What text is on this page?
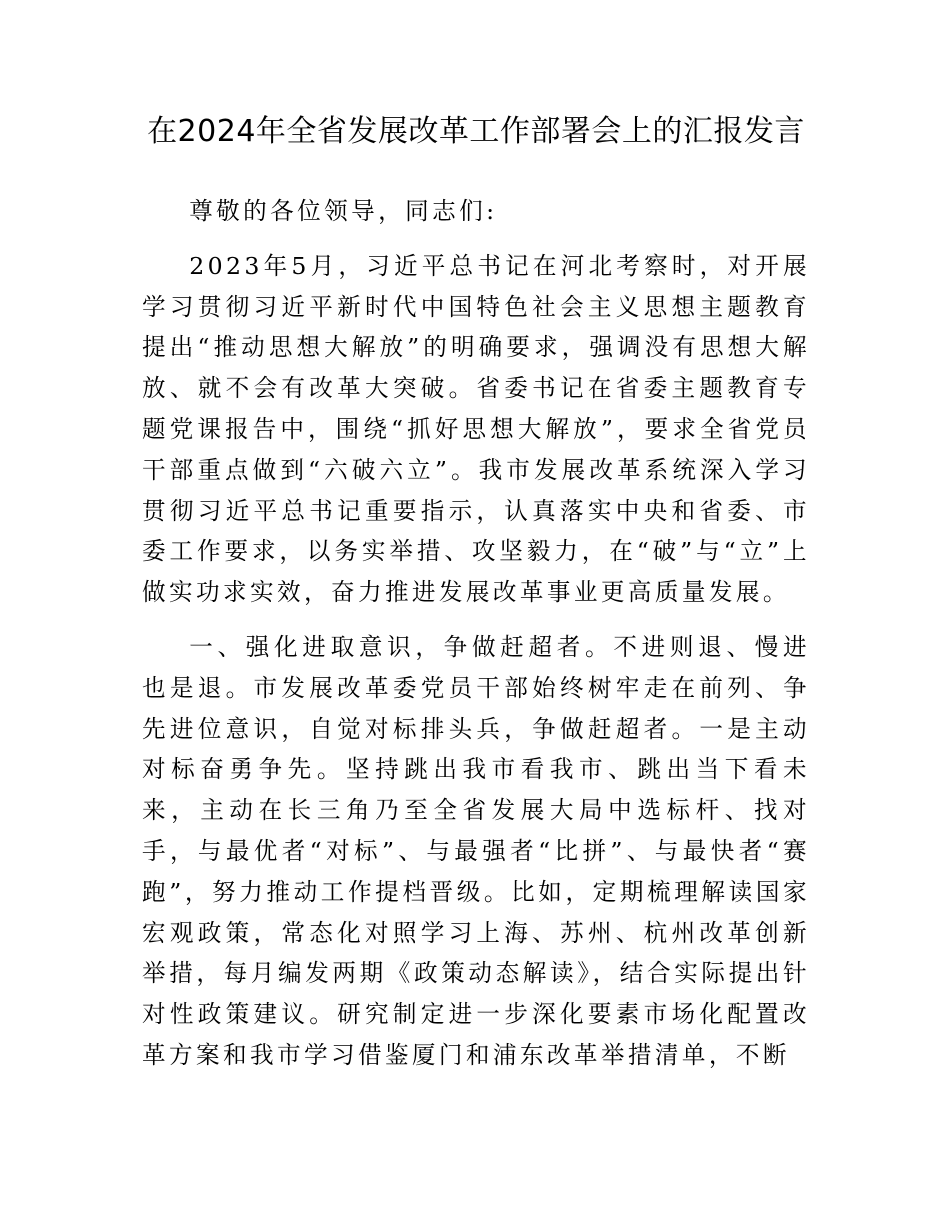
在2024年全省发展改革工作部署会上的汇报发言

尊敬的各位领导，同志们:

2023年5月，习近平总书记在河北考察时，对开展学习贯彻习近平新时代中国特色社会主义思想主题教育提出“推动思想大解放”的明确要求，强调没有思想大解放、就不会有改革大突破。省委书记在省委主题教育专题党课报告中，围绕“抓好思想大解放”，要求全省党员干部重点做到“六破六立”。我市发展改革系统深入学习贯彻习近平总书记重要指示，认真落实中央和省委、市委工作要求，以务实举措、攻坚毅力，在“破”与“立”上做实功求实效，奋力推进发展改革事业更高质量发展。

一、强化进取意识，争做赶超者。不进则退、慢进也是退。市发展改革委党员干部始终树牢走在前列、争先进位意识，自觉对标排头兵，争做赶超者。一是主动对标奋勇争先。坚持跳出我市看我市、跳出当下看未来，主动在长三角乃至全省发展大局中选标杆、找对手，与最优者“对标”、与最强者“比拼”、与最快者“赛跑”，努力推动工作提档晋级。比如，定期梳理解读国家宏观政策，常态化对照学习上海、苏州、杭州改革创新举措，每月编发两期《政策动态解读》，结合实际提出针对性政策建议。研究制定进一步深化要素市场化配置改革方案和我市学习借鉴厦门和浦东改革举措清单，不断
